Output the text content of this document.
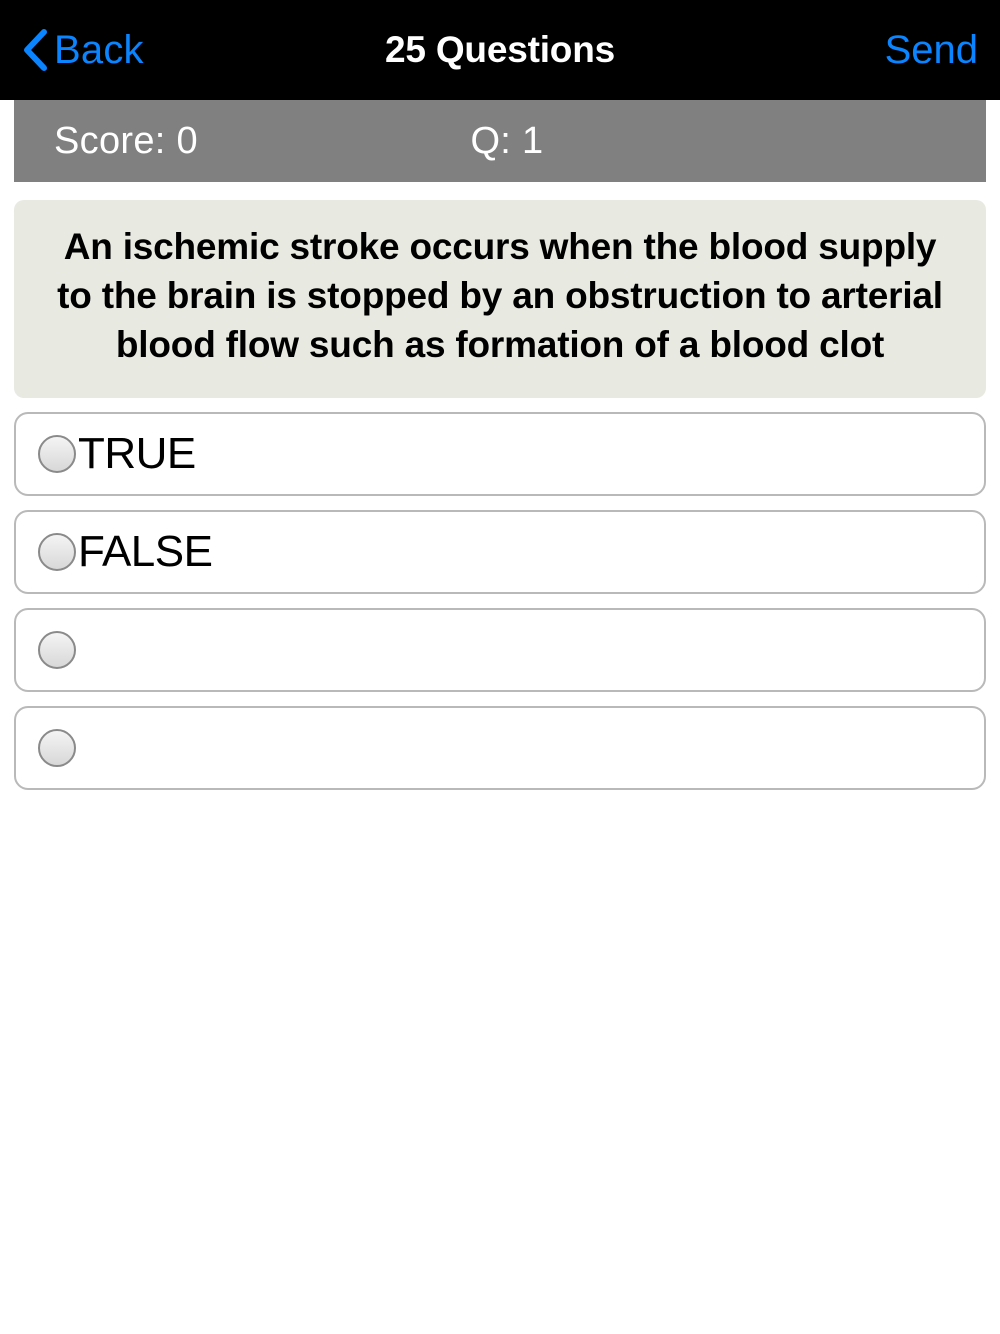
Back	25 Questions	Send
Score: 0	Q: 1
An ischemic stroke occurs when the blood supply to the brain is stopped by an obstruction to arterial blood flow such as formation of a blood clot
TRUE
FALSE
